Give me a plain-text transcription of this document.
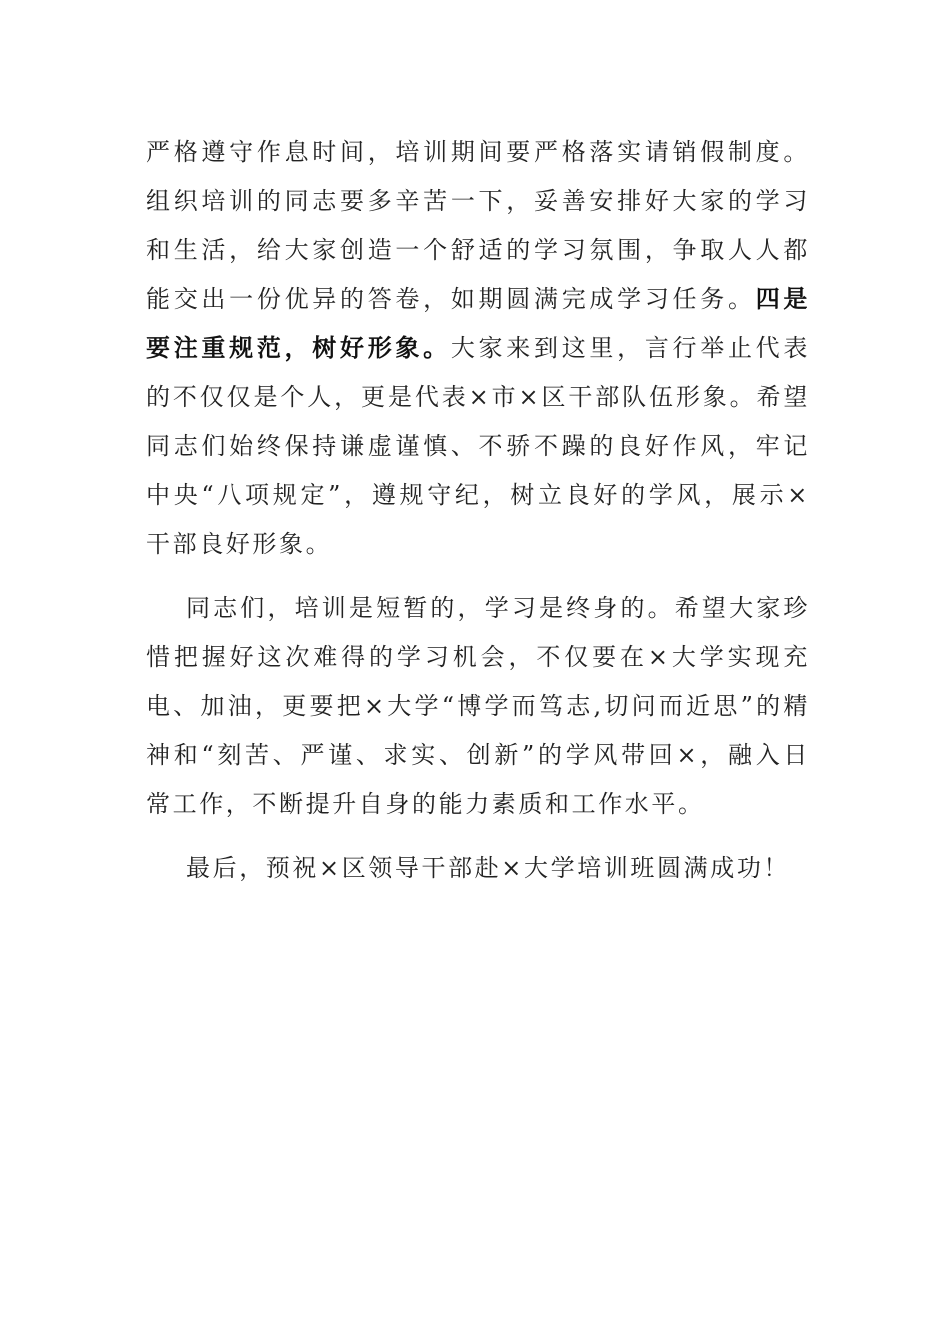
严格遵守作息时间，培训期间要严格落实请销假制度。组织培训的同志要多辛苦一下，妥善安排好大家的学习和生活，给大家创造一个舒适的学习氛围，争取人人都能交出一份优异的答卷，如期圆满完成学习任务。四是要注重规范，树好形象。大家来到这里，言行举止代表的不仅仅是个人，更是代表×市×区干部队伍形象。希望同志们始终保持谦虚谨慎、不骄不躁的良好作风，牢记中央“八项规定”，遵规守纪，树立良好的学风，展示×干部良好形象。

同志们，培训是短暂的，学习是终身的。希望大家珍惜把握好这次难得的学习机会，不仅要在×大学实现充电、加油，更要把×大学“博学而笃志,切问而近思”的精神和“刻苦、严谨、求实、创新”的学风带回×，融入日常工作，不断提升自身的能力素质和工作水平。

最后，预祝×区领导干部赴×大学培训班圆满成功！
